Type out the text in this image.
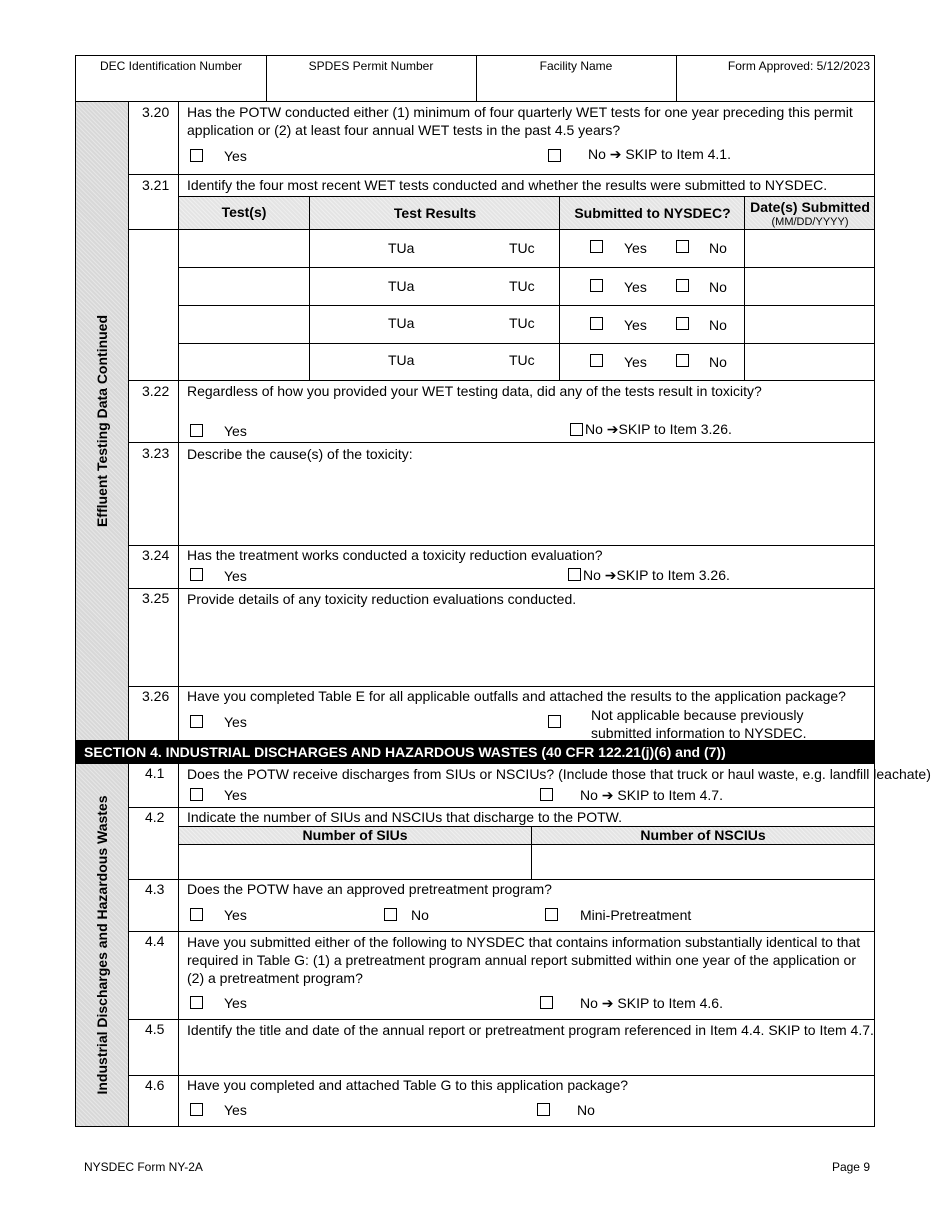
DEC Identification Number	SPDES Permit Number	Facility Name	Form Approved: 5/12/2023
Effluent Testing Data Continued
3.20 Has the POTW conducted either (1) minimum of four quarterly WET tests for one year preceding this permit application or (2) at least four annual WET tests in the past 4.5 years?
Yes	No ➔ SKIP to Item 4.1.
3.21 Identify the four most recent WET tests conducted and whether the results were submitted to NYSDEC.
Test(s)	Test Results	Submitted to NYSDEC?	Date(s) Submitted
(MM/DD/YYYY)
TUa	TUc	Yes	No
TUa	TUc	Yes	No
TUa	TUc	Yes	No
TUa	TUc	Yes	No
3.22 Regardless of how you provided your WET testing data, did any of the tests result in toxicity?
Yes	No ➔SKIP to Item 3.26.
3.23 Describe the cause(s) of the toxicity:
3.24 Has the treatment works conducted a toxicity reduction evaluation?
Yes	No ➔SKIP to Item 3.26.
3.25 Provide details of any toxicity reduction evaluations conducted.
3.26 Have you completed Table E for all applicable outfalls and attached the results to the application package?
Yes	Not applicable because previously submitted information to NYSDEC.
SECTION 4. INDUSTRIAL DISCHARGES AND HAZARDOUS WASTES (40 CFR 122.21(j)(6) and (7))
Industrial Discharges and Hazardous Wastes
4.1 Does the POTW receive discharges from SIUs or NSCIUs? (Include those that truck or haul waste, e.g. landfill leachate)
Yes	No ➔ SKIP to Item 4.7.
4.2 Indicate the number of SIUs and NSCIUs that discharge to the POTW.
Number of SIUs	Number of NSCIUs
4.3 Does the POTW have an approved pretreatment program?
Yes	No	Mini-Pretreatment
4.4 Have you submitted either of the following to NYSDEC that contains information substantially identical to that required in Table G: (1) a pretreatment program annual report submitted within one year of the application or (2) a pretreatment program?
Yes	No ➔ SKIP to Item 4.6.
4.5 Identify the title and date of the annual report or pretreatment program referenced in Item 4.4. SKIP to Item 4.7.
4.6 Have you completed and attached Table G to this application package?
Yes	No
NYSDEC Form NY-2A	Page 9
